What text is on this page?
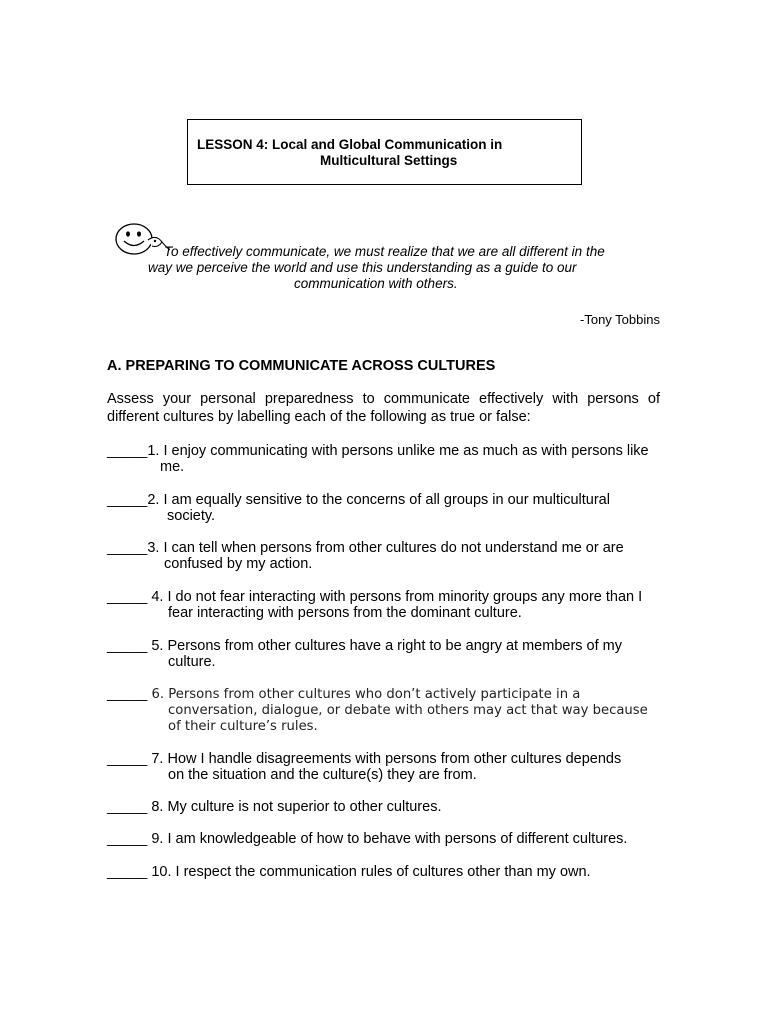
LESSON 4: Local and Global Communication in
Multicultural Settings
To effectively communicate, we must realize that we are all different in the
way we perceive the world and use this understanding as a guide to our
communication with others.
-Tony Tobbins
A. PREPARING TO COMMUNICATE ACROSS CULTURES
Assess your personal preparedness to communicate effectively with persons of different cultures by labelling each of the following as true or false:
_____1. I enjoy communicating with persons unlike me as much as with persons like
me.
_____2. I am equally sensitive to the concerns of all groups in our multicultural
society.
_____3. I can tell when persons from other cultures do not understand me or are
confused by my action.
_____ 4. I do not fear interacting with persons from minority groups any more than I
fear interacting with persons from the dominant culture.
_____ 5. Persons from other cultures have a right to be angry at members of my
culture.
_____ 6. Persons from other cultures who don’t actively participate in a
conversation, dialogue, or debate with others may act that way because
of their culture’s rules.
_____ 7. How I handle disagreements with persons from other cultures depends
on the situation and the culture(s) they are from.
_____ 8. My culture is not superior to other cultures.
_____ 9. I am knowledgeable of how to behave with persons of different cultures.
_____ 10. I respect the communication rules of cultures other than my own.
